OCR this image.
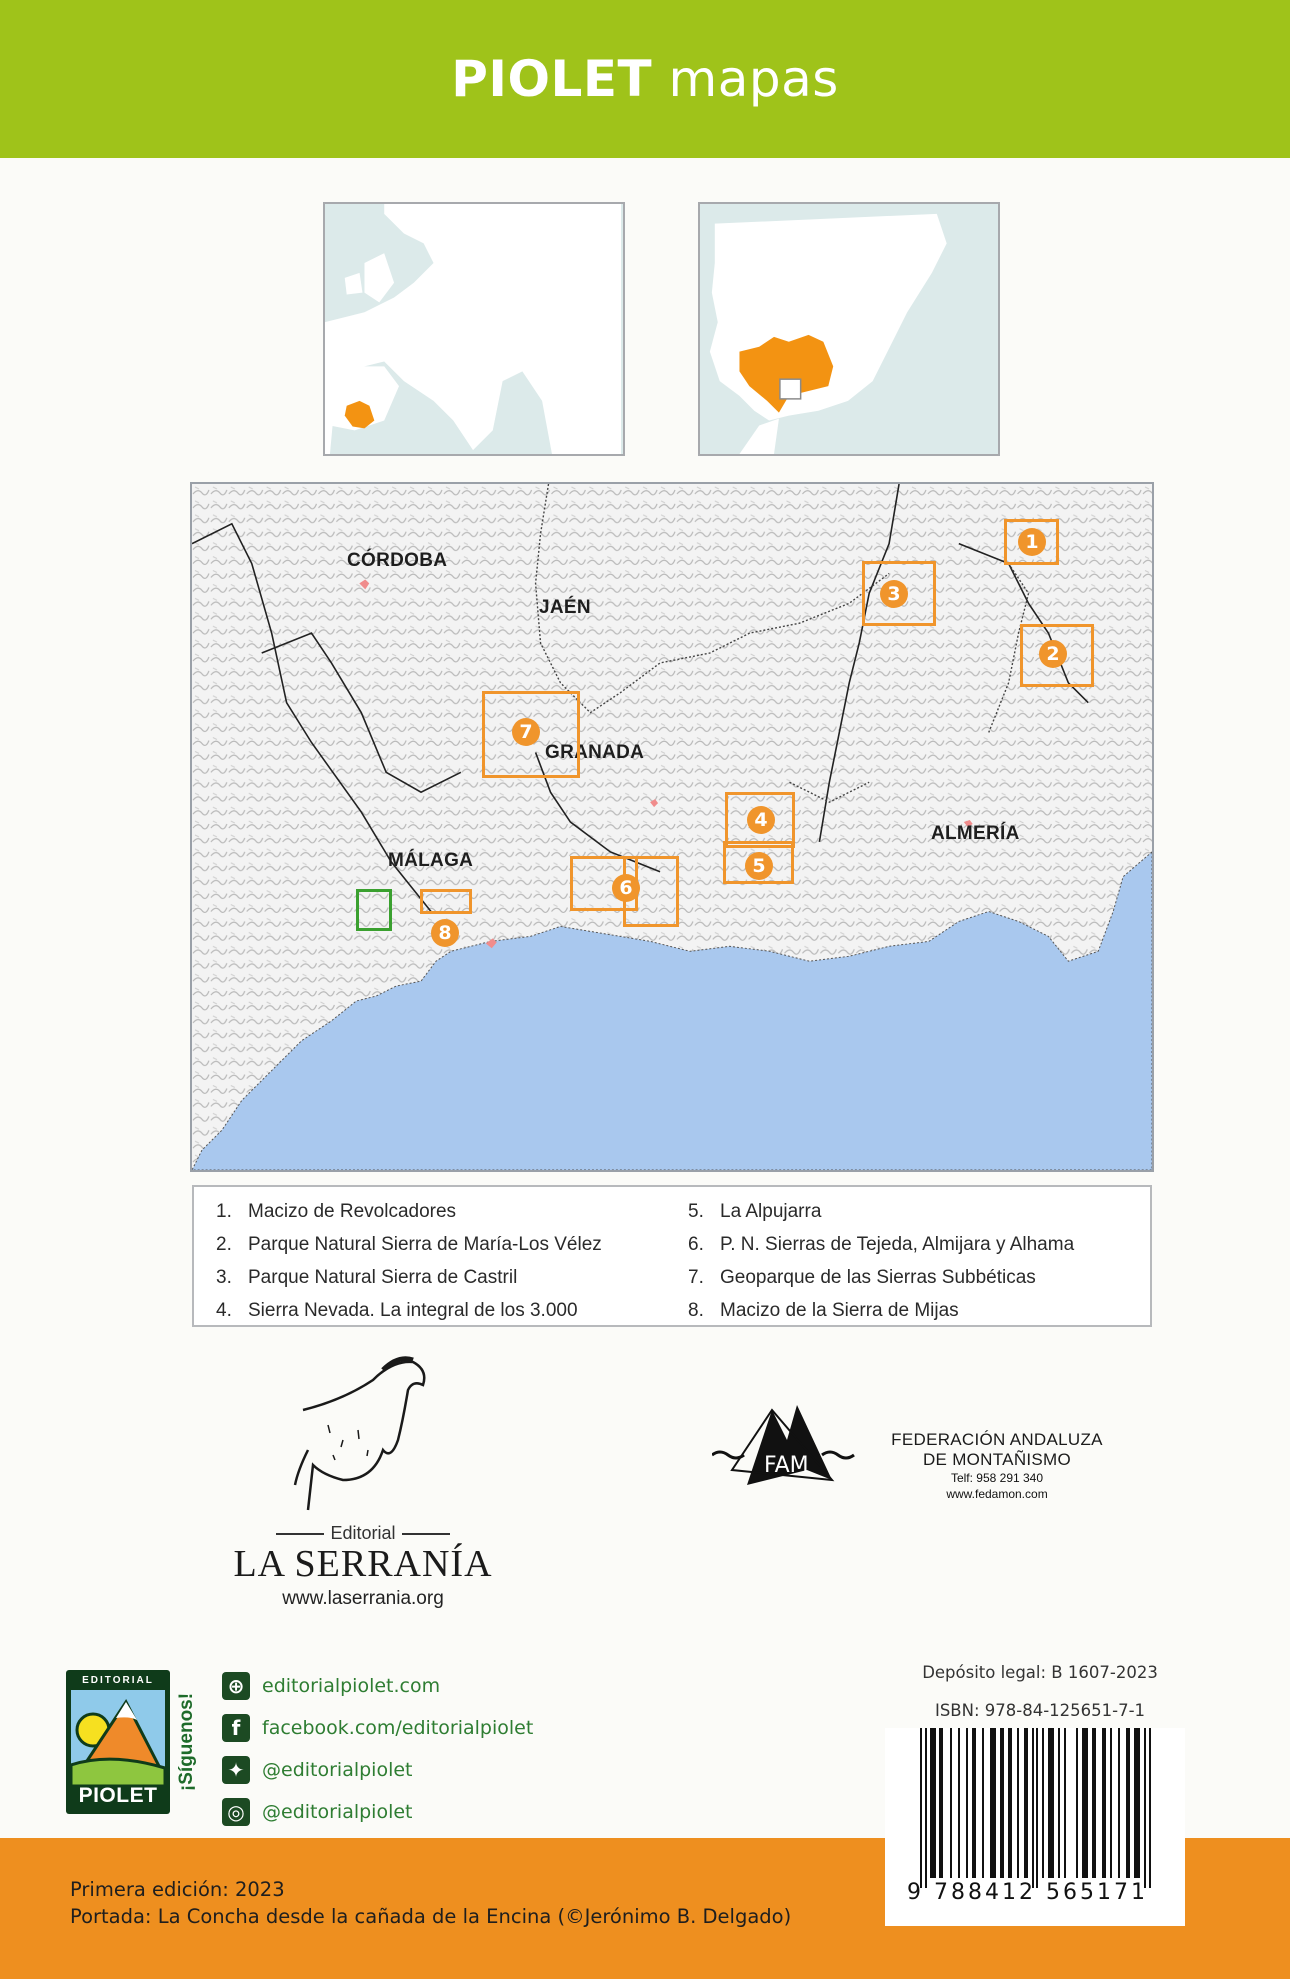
PIOLET mapas
CÓRDOBA
JAÉN
GRANADA
ALMERÍA
MÁLAGA
1
2
3
4
5
6
7
8
1. Macizo de Revolcadores	5. La Alpujarra
2. Parque Natural Sierra de María-Los Vélez	6. P. N. Sierras de Tejeda, Almijara y Alhama
3. Parque Natural Sierra de Castril	7. Geoparque de las Sierras Subbéticas
4. Sierra Nevada. La integral de los 3.000	8. Macizo de la Sierra de Mijas
Editorial
LA SERRANÍA
www.laserrania.org
FAM
FEDERACIÓN ANDALUZA
DE MONTAÑISMO
Telf: 958 291 340
www.fedamon.com
EDITORIAL
PIOLET
¡Síguenos!
⊕ editorialpiolet.com
f	facebook.com/editorialpiolet
✦ @editorialpiolet
◎ @editorialpiolet
Depósito legal: B 1607-2023
ISBN: 978-84-125651-7-1
Primera edición: 2023
Portada: La Concha desde la cañada de la Encina (©Jerónimo B. Delgado)
9 788412 565171
